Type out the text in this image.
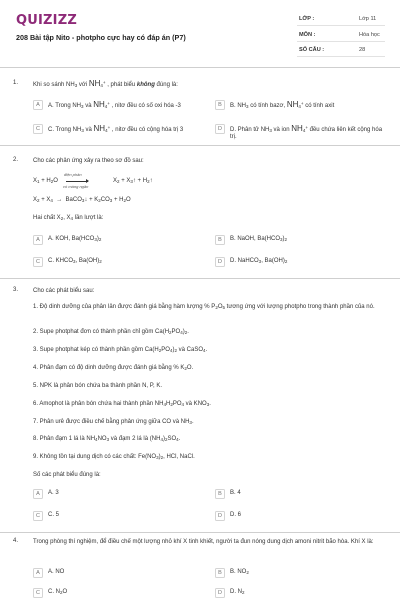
QUIZIZZ
208 Bài tập Nito - photpho cực hay có đáp án (P7)
LỚP :	Lớp 11
MÔN :	Hóa học
SỐ CÂU :	28
1. Khi so sánh $NH_3$ với $NH_4^+$ , phát biểu không đúng là:
A	A. Trong $NH_3$ và $NH_4^+$ , nitơ đều có số oxi hóa -3	B	B. $NH_3$ có tính bazơ, $NH_4^+$ có tính axit
C	C. Trong $NH_3$ và $NH_4^+$ , nitơ đều có cộng hóa trị 3	D	D. Phân tử $NH_3$ và ion $NH_4^+$ đều chứa liên kết cộng hóa trị.
2. Cho các phản ứng xảy ra theo sơ đồ sau:
$X_1 + H_2O$
điện phân
có màng ngăn
$X_2$ + $X_3↑$ + $H_2↑$
$X_2 + X_4$  →  BaCO$_3$↓ + $K_2CO_3 + H_2O$
Hai chất $X_2$, $X_4$ lần lượt là:
A	A. KOH, $Ba(HCO_3)_2$	B	B. NaOH, $Ba(HCO_3)_2$
C	C. $KHCO_3$, $Ba(OH)_2$	D	D. NaHCO$_3$, $Ba(OH)_2$
3. Cho các phát biểu sau:
1. Độ dinh dưỡng của phân lân được đánh giá bằng hàm lượng % $P_2O_5$ tương ứng với lượng photpho trong thành phần của nó.
2. Supe photphat đơn có thành phần chỉ gồm $Ca(H_2PO_4)_2$.
3. Supe photphat kép có thành phần gồm $Ca(H_2PO_4)_2$ và CaSO$_4$.
4. Phân đạm có độ dinh dưỡng được đánh giá bằng % $K_2O$.
5. NPK là phân bón chứa ba thành phần N, P, K.
6. Amophot là phân bón chứa hai thành phần $NH_4H_2PO_4$ và $KNO_3$.
7. Phân urê được điều chế bằng phản ứng giữa CO và $NH_3$.
8. Phân đạm 1 lá là $NH_4NO_3$ và đạm 2 lá là $(NH_4)_2SO_4$.
9. Không tồn tại dung dịch có các chất: $Fe(NO_3)_2$, HCl, NaCl.
Số các phát biểu đúng là:
A	A. 3	B	B. 4
C	C. 5	D	D. 6
4. Trong phòng thí nghiệm, để điều chế một lượng nhỏ khí X tinh khiết, người ta đun nóng dung dịch amoni nitrit bão hòa. Khí X là:
A	A. NO	B	B. $NO_2$
C	C. $N_2O$	D	D. $N_2$
